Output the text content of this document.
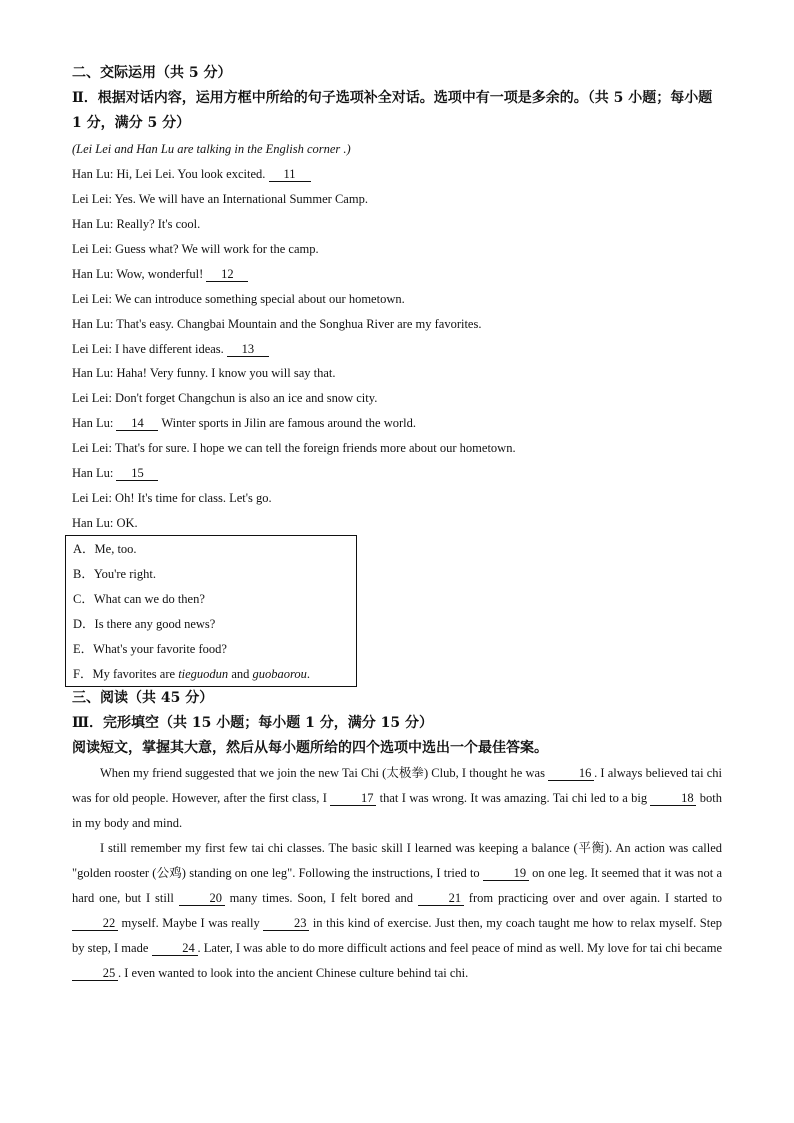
二、交际运用（共 5 分）
Ⅱ．根据对话内容，运用方框中所给的句子选项补全对话。选项中有一项是多余的。（共 5 小题；每小题 1 分，满分 5 分）
(Lei Lei and Han Lu are talking in the English corner .)
Han Lu: Hi, Lei Lei. You look excited. 11
Lei Lei: Yes. We will have an International Summer Camp.
Han Lu: Really? It's cool.
Lei Lei: Guess what? We will work for the camp.
Han Lu: Wow, wonderful! 12
Lei Lei: We can introduce something special about our hometown.
Han Lu: That's easy. Changbai Mountain and the Songhua River are my favorites.
Lei Lei: I have different ideas. 13
Han Lu: Haha! Very funny. I know you will say that.
Lei Lei: Don't forget Changchun is also an ice and snow city.
Han Lu: 14 Winter sports in Jilin are famous around the world.
Lei Lei: That's for sure. I hope we can tell the foreign friends more about our hometown.
Han Lu: 15
Lei Lei: Oh! It's time for class. Let's go.
Han Lu: OK.
A．Me, too.
B．You're right.
C．What can we do then?
D．Is there any good news?
E．What's your favorite food?
F．My favorites are tieguodun and guobaorou.
三、阅读（共 45 分）
Ⅲ．完形填空（共 15 小题；每小题 1 分，满分 15 分）
阅读短文，掌握其大意，然后从每小题所给的四个选项中选出一个最佳答案。
When my friend suggested that we join the new Tai Chi (太极拳) Club, I thought he was 16 . I always believed tai chi was for old people. However, after the first class, I 17 that I was wrong. It was amazing. Tai chi led to a big 18 both in my body and mind.
I still remember my first few tai chi classes. The basic skill I learned was keeping a balance (平衡). An action was called "golden rooster (公鸡) standing on one leg". Following the instructions, I tried to 19 on one leg. It seemed that it was not a hard one, but I still 20 many times. Soon, I felt bored and 21 from practicing over and over again. I started to 22 myself. Maybe I was really 23 in this kind of exercise. Just then, my coach taught me how to relax myself. Step by step, I made 24 . Later, I was able to do more difficult actions and feel peace of mind as well. My love for tai chi became 25 . I even wanted to look into the ancient Chinese culture behind tai chi.
